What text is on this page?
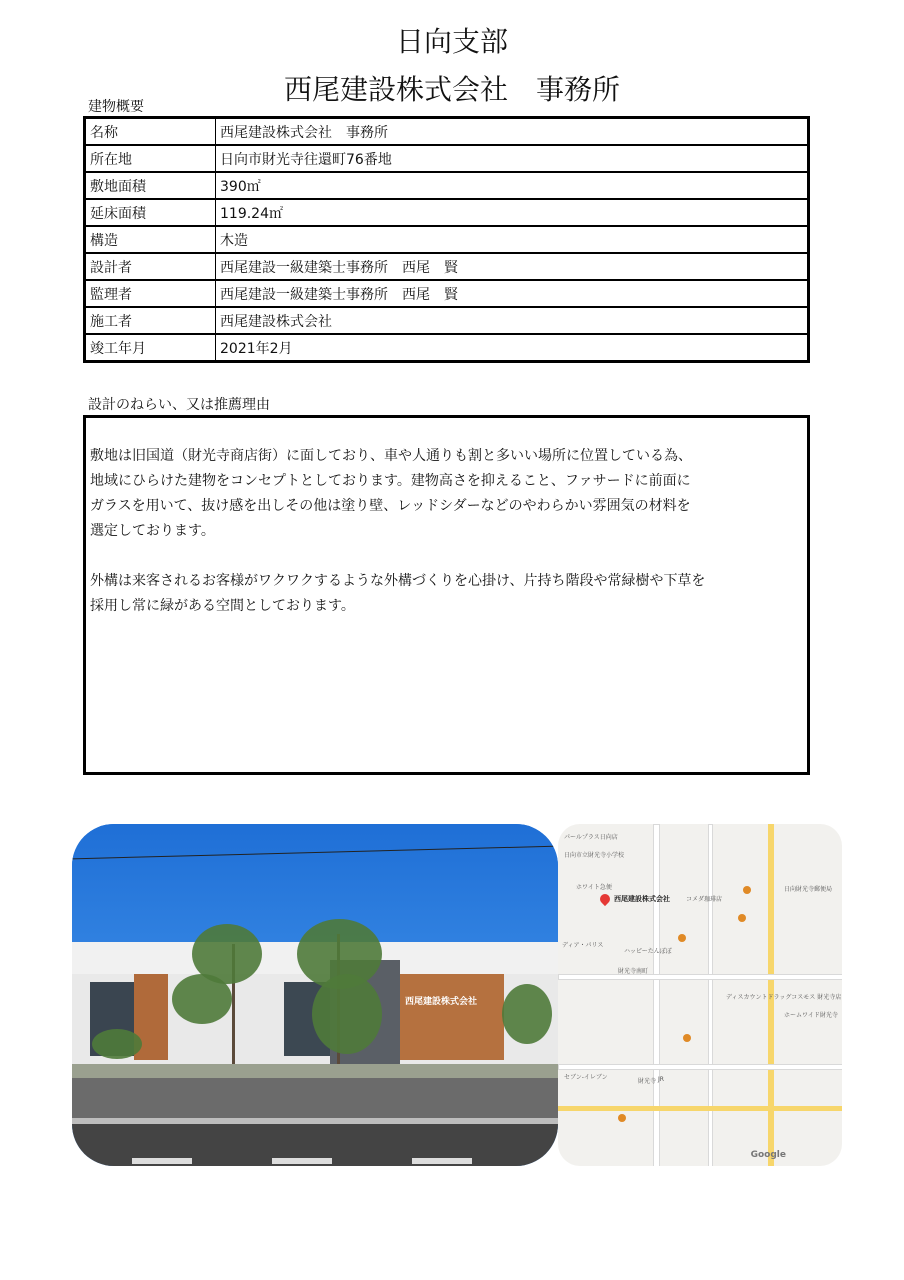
日向支部
西尾建設株式会社　事務所
建物概要
名称	西尾建設株式会社　事務所
所在地	日向市財光寺往還町76番地
敷地面積	390㎡
延床面積	119.24㎡
構造	木造
設計者	西尾建設一級建築士事務所　西尾　賢
監理者	西尾建設一級建築士事務所　西尾　賢
施工者	西尾建設株式会社
竣工年月	2021年2月
設計のねらい、又は推薦理由

敷地は旧国道（財光寺商店街）に面しており、車や人通りも割と多いい場所に位置している為、
地域にひらけた建物をコンセプトとしております。建物高さを抑えること、ファサードに前面に
ガラスを用いて、抜け感を出しその他は塗り壁、レッドシダーなどのやわらかい雰囲気の材料を
選定しております。

外構は来客されるお客様がワクワクするような外構づくりを心掛け、片持ち階段や常緑樹や下草を
採用し常に緑がある空間としております。

西尾建設株式会社
西尾建設株式会社
パールプラス日向店
日向市立財光寺小学校
ホワイト急便
コメダ珈琲店
ディア・パリス
ハッピーたんぽぽ
財光寺南町
ディスカウントドラッグコスモス 財光寺店
セブン-イレブン
財光寺 JR
ホームワイド財光寺
日向財光寺郵便局
Google
